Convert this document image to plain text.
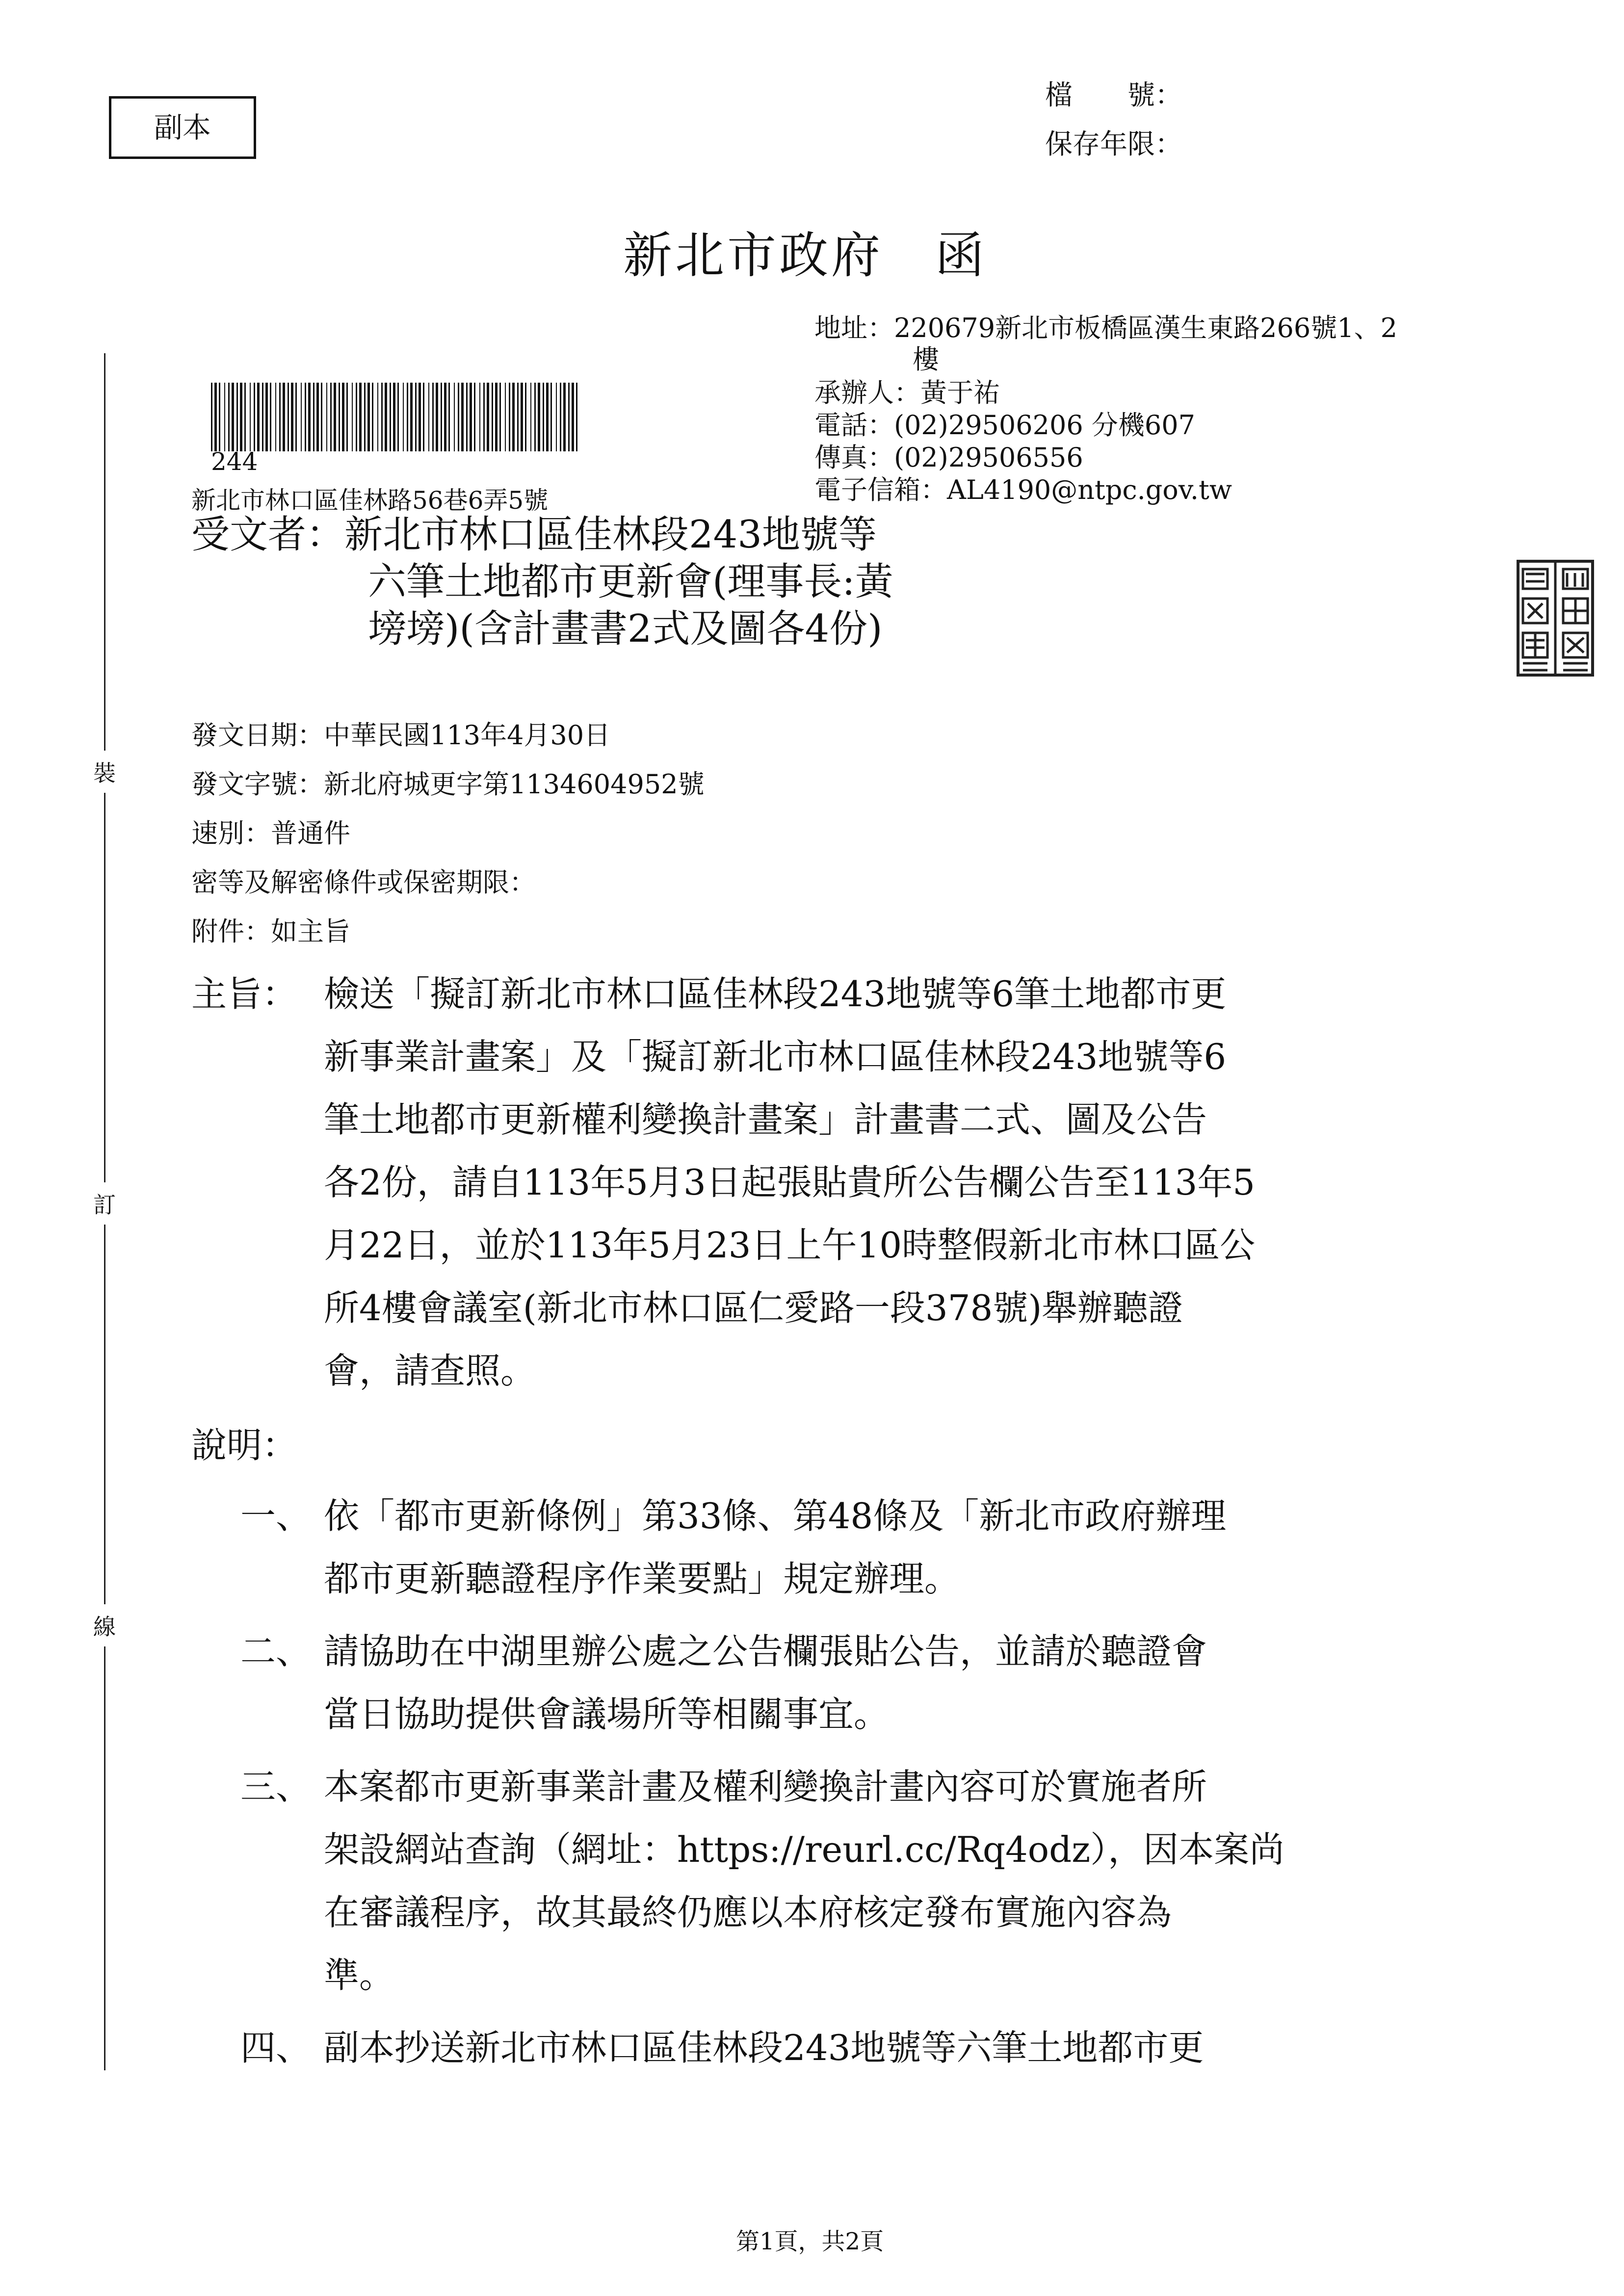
副本
檔　　號：
保存年限：
新北市政府　函
地址：220679新北市板橋區漢生東路266號1、2
樓
承辦人：黃于祐
電話：(02)29506206 分機607
傳真：(02)29506556
電子信箱：AL4190@ntpc.gov.tw
244
新北市林口區佳林路56巷6弄5號
受文者：新北市林口區佳林段243地號等
六筆土地都市更新會(理事長:黃
塝塝)(含計畫書2式及圖各4份)
發文日期：中華民國113年4月30日
發文字號：新北府城更字第1134604952號
速別：普通件
密等及解密條件或保密期限：
附件：如主旨
主旨： 檢送「擬訂新北市林口區佳林段243地號等6筆土地都市更
新事業計畫案」及「擬訂新北市林口區佳林段243地號等6
筆土地都市更新權利變換計畫案」計畫書二式、圖及公告
各2份，請自113年5月3日起張貼貴所公告欄公告至113年5
月22日，並於113年5月23日上午10時整假新北市林口區公
所4樓會議室(新北市林口區仁愛路一段378號)舉辦聽證
會，請查照。
說明：
一、 依「都市更新條例」第33條、第48條及「新北市政府辦理
都市更新聽證程序作業要點」規定辦理。
二、 請協助在中湖里辦公處之公告欄張貼公告，並請於聽證會
當日協助提供會議場所等相關事宜。
三、 本案都市更新事業計畫及權利變換計畫內容可於實施者所
架設網站查詢（網址：https://reurl.cc/Rq4odz），因本案尚
在審議程序，故其最終仍應以本府核定發布實施內容為
準。
四、 副本抄送新北市林口區佳林段243地號等六筆土地都市更
裝
訂
線
第1頁，共2頁
